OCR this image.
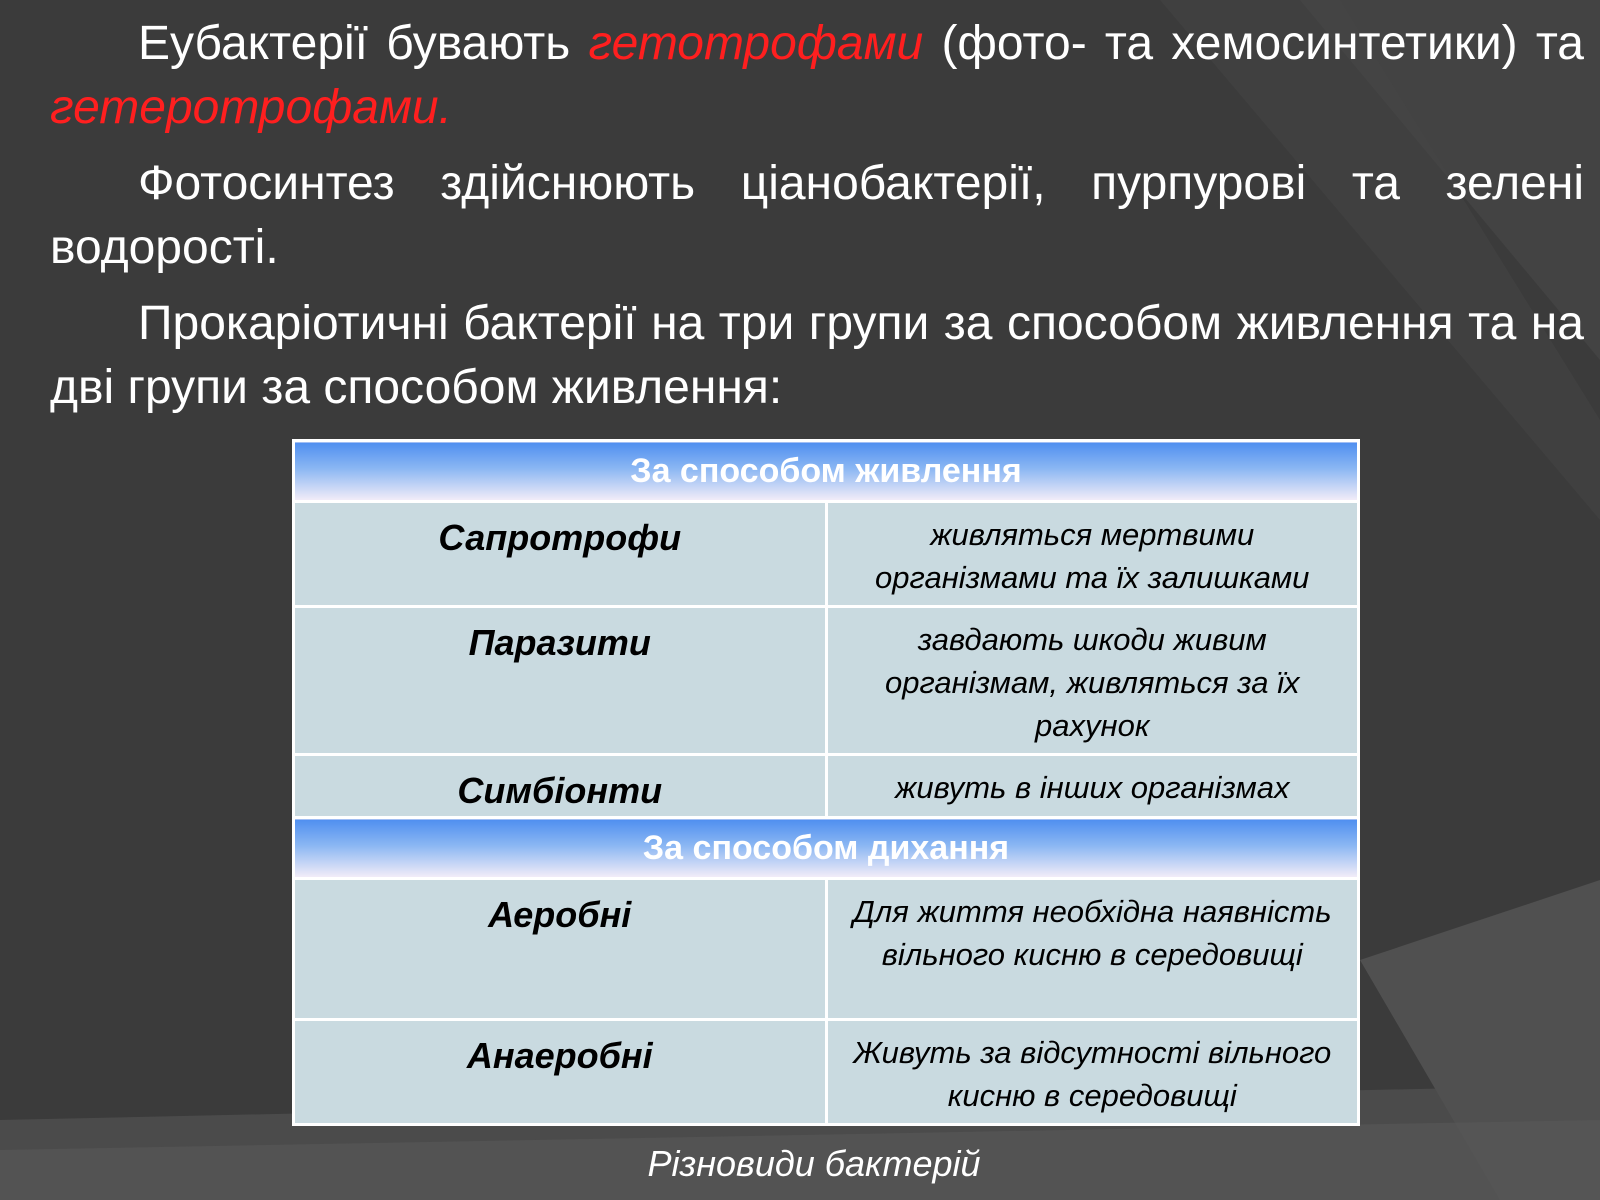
Еубактерії бувають гетотрофами (фото- та хемосинтетики) та гетеротрофами.

Фотосинтез здійснюють ціанобактерії, пурпурові та зелені водорості.

Прокаріотичні бактерії на три групи за способом живлення та на дві групи за способом живлення:

За способом живлення	
Сапротрофи	живляться мертвими організмами та їх залишками
Паразити	завдають шкоди живим організмам, живляться за їх рахунок
Симбіонти	живуть в інших організмах
За способом дихання	
Аеробні	Для життя необхідна наявність вільного кисню в середовищі
Анаеробні	Живуть за відсутності вільного кисню в середовищі
Різновиди бактерій
